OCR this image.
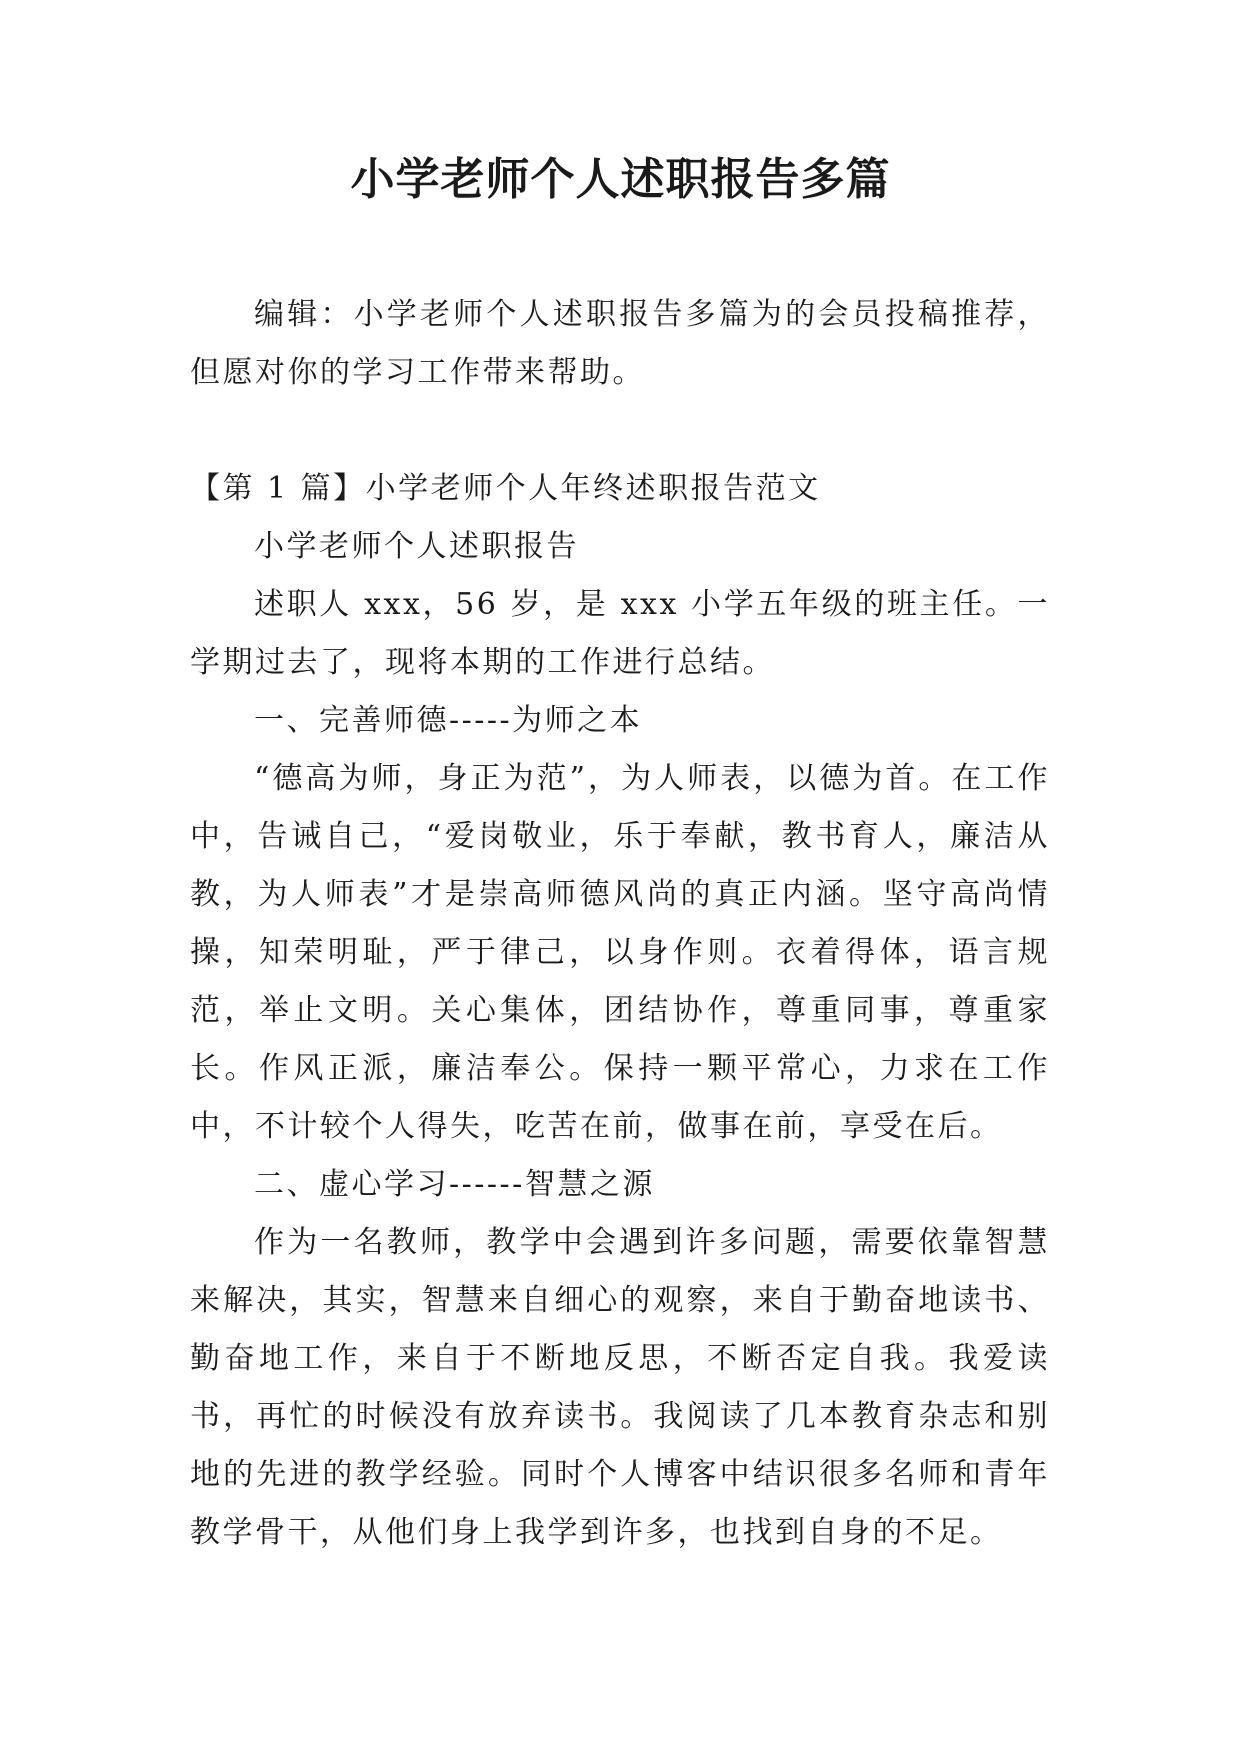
小学老师个人述职报告多篇

编辑：小学老师个人述职报告多篇为的会员投稿推荐，但愿对你的学习工作带来帮助。

【第 1 篇】小学老师个人年终述职报告范文

小学老师个人述职报告

述职人 xxx，56 岁，是 xxx 小学五年级的班主任。一学期过去了，现将本期的工作进行总结。

一、完善师德-----为师之本

“德高为师，身正为范”，为人师表，以德为首。在工作中，告诫自己，“爱岗敬业，乐于奉献，教书育人，廉洁从教，为人师表”才是崇高师德风尚的真正内涵。坚守高尚情操，知荣明耻，严于律己，以身作则。衣着得体，语言规范，举止文明。关心集体，团结协作，尊重同事，尊重家长。作风正派，廉洁奉公。保持一颗平常心，力求在工作中，不计较个人得失，吃苦在前，做事在前，享受在后。

二、虚心学习------智慧之源

作为一名教师，教学中会遇到许多问题，需要依靠智慧来解决，其实，智慧来自细心的观察，来自于勤奋地读书、勤奋地工作，来自于不断地反思，不断否定自我。我爱读书，再忙的时候没有放弃读书。我阅读了几本教育杂志和别地的先进的教学经验。同时个人博客中结识很多名师和青年教学骨干，从他们身上我学到许多，也找到自身的不足。
